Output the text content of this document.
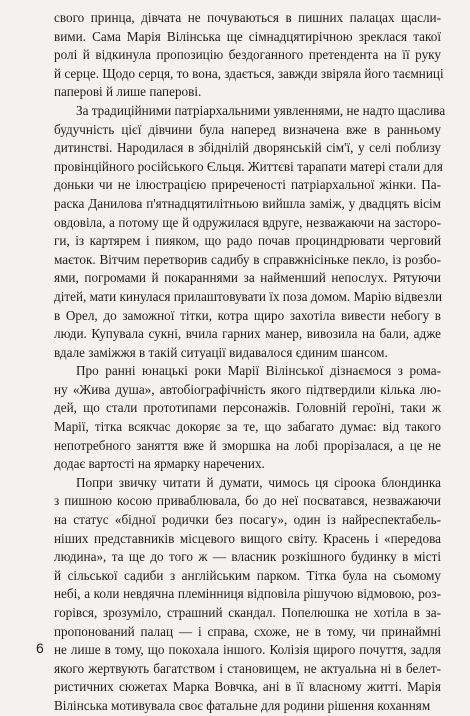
свого принца, дівчата не почуваються в пишних палацах щасли-
вими. Сама Марія Вілінська ще сімнадцятирічною зреклася такої
ролі й відкинула пропозицію бездоганного претендента на її руку
й серце. Щодо серця, то вона, здається, завжди звіряла його таємниці
паперові й лише паперові.
За традиційними патріархальними уявленнями, не надто щаслива
будучність цієї дівчини була наперед визначена вже в ранньому
дитинстві. Народилася в збіднілій дворянській сім'ї, у селі поблизу
провінційного російського Єльця. Життєві тарапати матері стали для
доньки чи не ілюстрацією приреченості патріархальної жінки. Па-
раска Данилова п'ятнадцятилітньою вийшла заміж, у двадцять вісім
овдовіла, а потому ще й одружилася вдруге, незважаючи на засторо-
ги, із картярем і пияком, що радо почав проциндрювати черговий
маєток. Вітчим перетворив садибу в справжнісіньке пекло, із розбо-
ями, погромами й покараннями за найменший непослух. Рятуючи
дітей, мати кинулася прилаштовувати їх позa домом. Марію відвезли
в Орел, до заможної тітки, котра щиро захотіла вивести небогу в
люди. Купувала сукні, вчила гарних манер, вивозила на бали, адже
вдале заміжжя в такій ситуації видавалося єдиним шансом.
Про ранні юнацькі роки Марії Вілінської дізнаємося з рома-
ну «Жива душа», автобіографічність якого підтвердили кілька лю-
дей, що стали прототипами персонажів. Головній героїні, таки ж
Марії, тітка всякчас докоряє за те, що забагато думає: від такого
непотребного заняття вже й зморшка на лобі прорізалася, а це не
додає вартості на ярмарку наречених.
Попри звичку читати й думати, чимось ця сіроока блондинка
з пишною косою приваблювала, бо до неї посватався, незважаючи
на статус «бідної родички без посагу», один із найреспектабель-
ніших представників місцевого вищого світу. Красень і «передова
людина», та ще до того ж — власник розкішного будинку в місті
й сільської садиби з англійським парком. Тітка була на сьомому
небі, а коли невдячна племінниця відповіла рішучою відмовою, роз-
горівся, зрозуміло, страшний скандал. Попелюшка не хотіла в за-
пропонований палац — і справа, схоже, не в тому, чи принаймні
не лише в тому, що покохала іншого. Колізія щирого почуття, задля
якого жертвують багатством і становищем, не актуальна ні в белет-
ристичних сюжетах Марка Вовчка, ані в її власному житті. Марія
Вілінська мотивувала своє фатальне для родини рішення коханням
6
